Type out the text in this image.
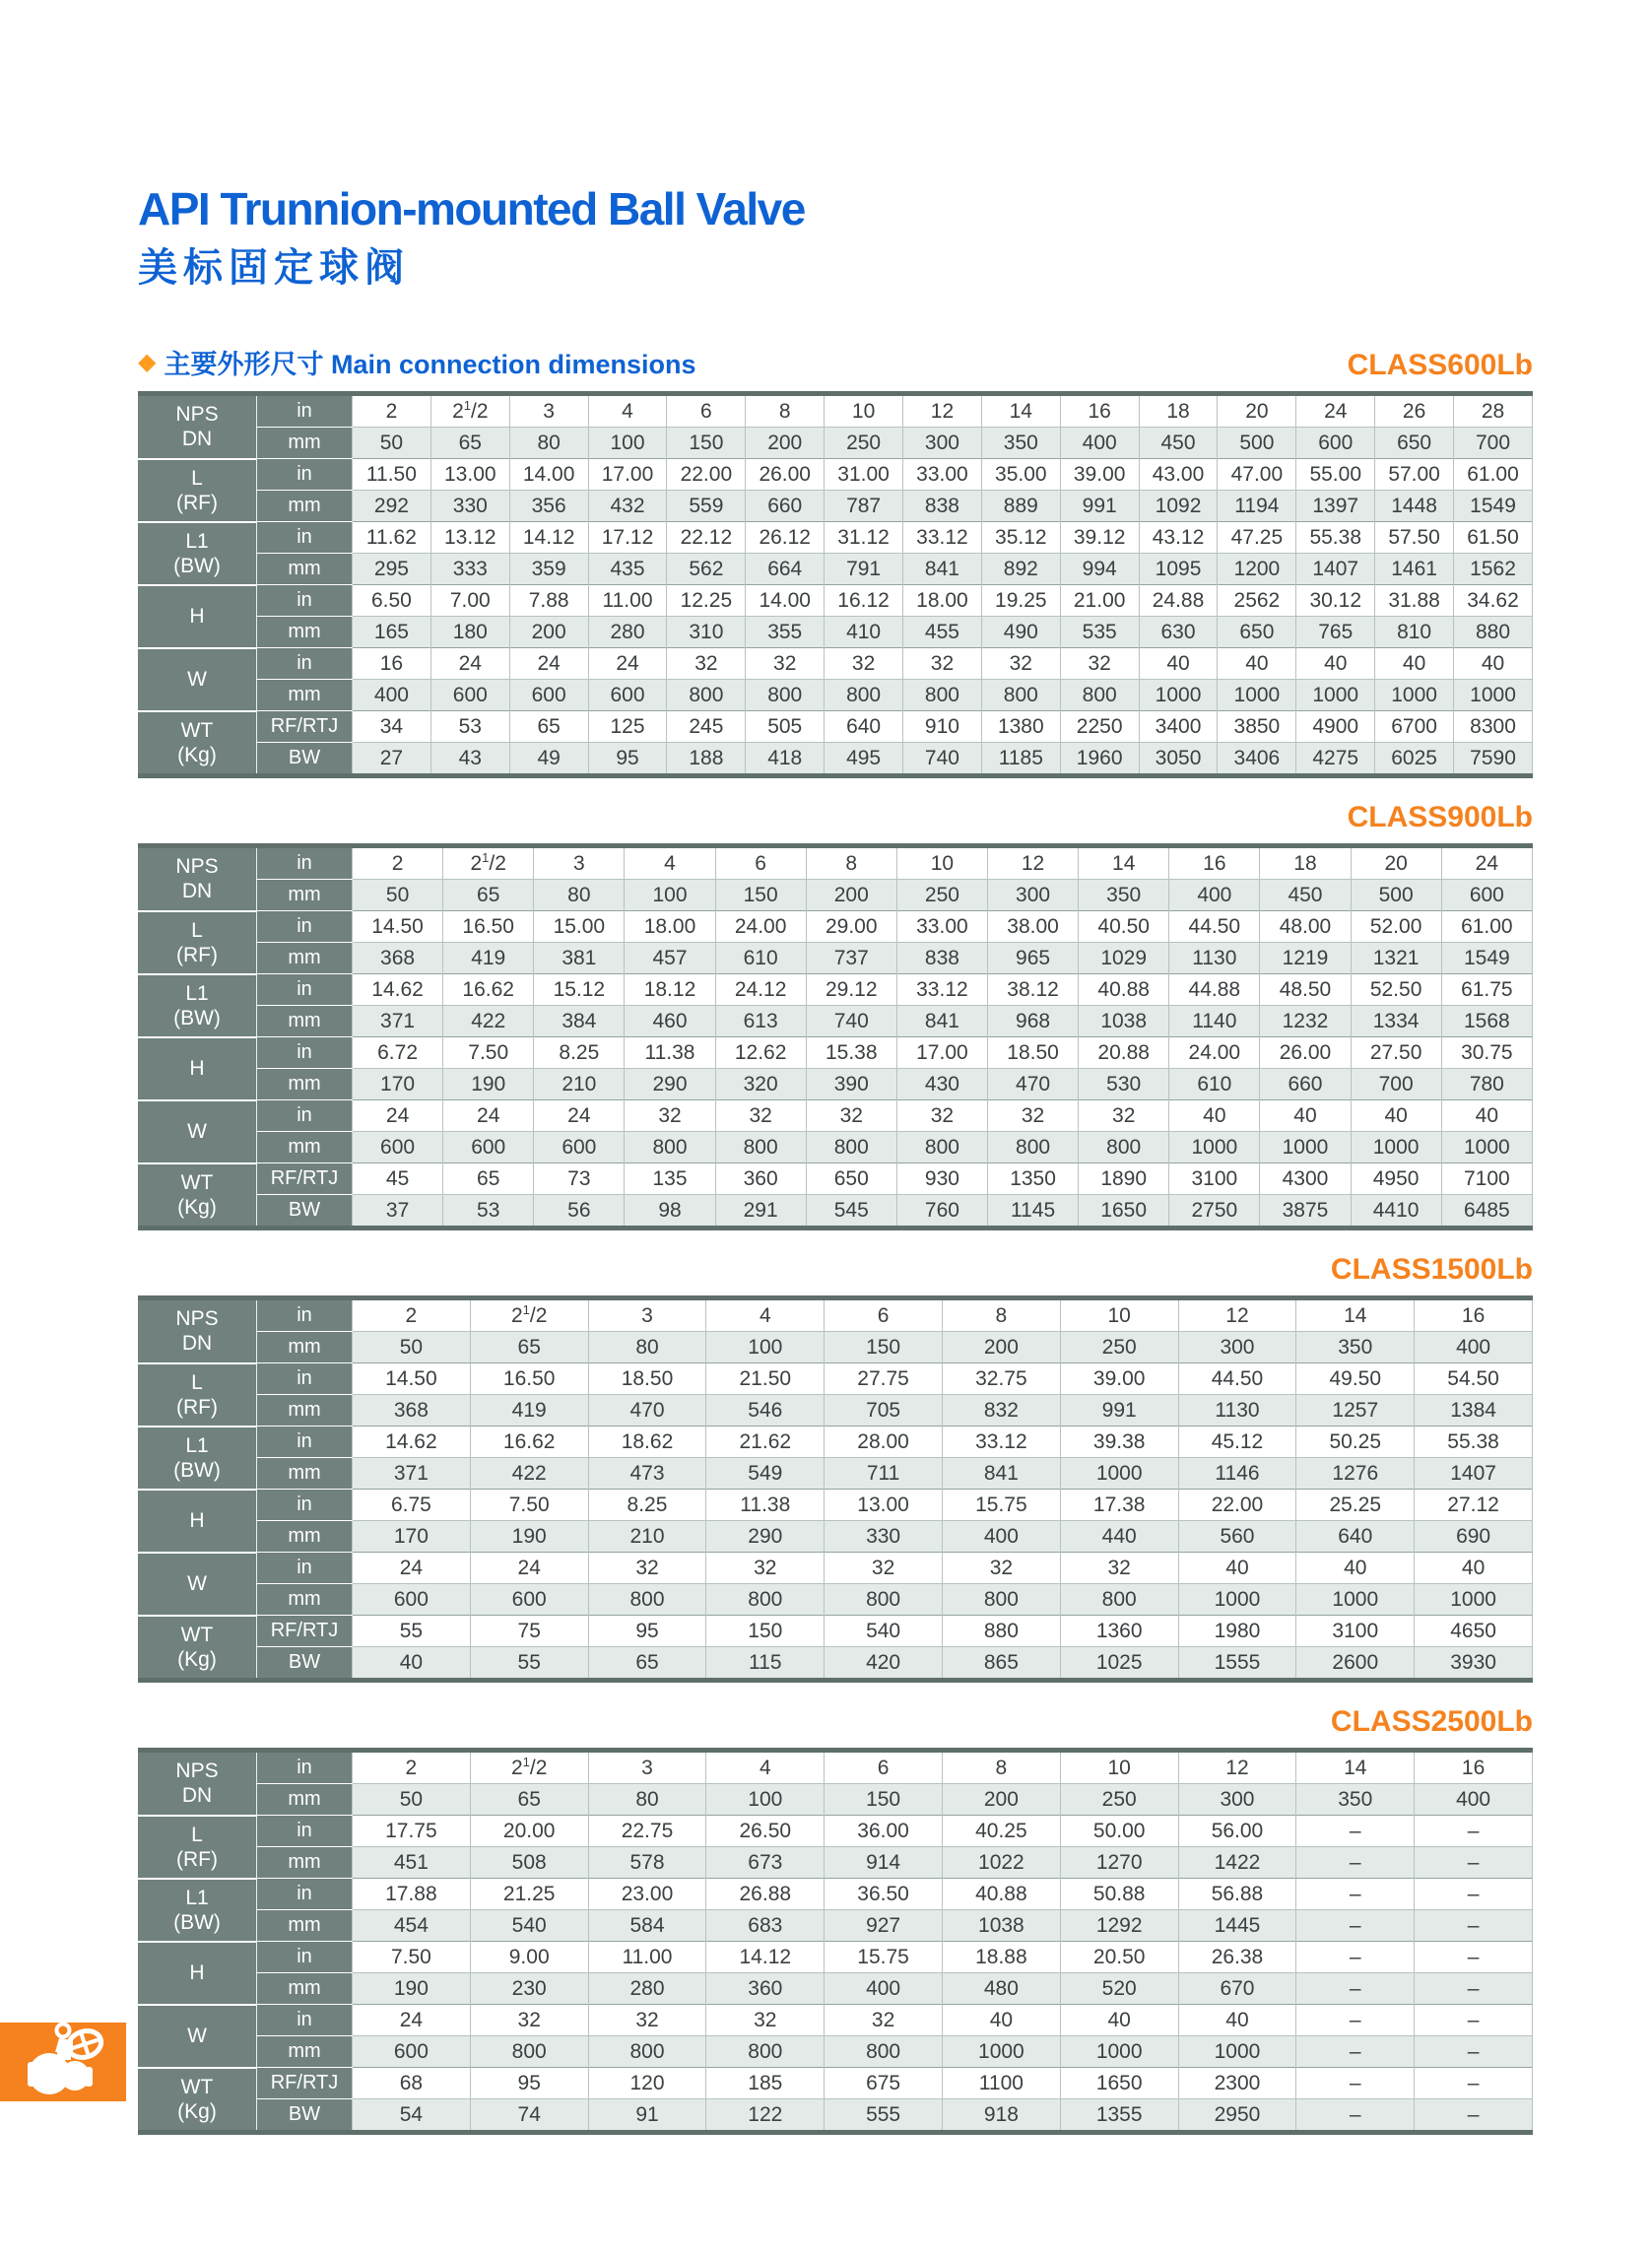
API Trunnion-mounted Ball Valve
美标固定球阀
◆ 主要外形尺寸 Main connection dimensions	CLASS600Lb
NPS
DN	in	2	$2^1/2$	3	4	6	8	10	12	14	16	18	20	24	26	28
	mm	50	65	80	100	150	200	250	300	350	400	450	500	600	650	700

L
(RF)	in	11.50	13.00	14.00	17.00	22.00	26.00	31.00	33.00	35.00	39.00	43.00	47.00	55.00	57.00	61.00
	mm	292	330	356	432	559	660	787	838	889	991	1092	1194	1397	1448	1549

L1
(BW)	in	11.62	13.12	14.12	17.12	22.12	26.12	31.12	33.12	35.12	39.12	43.12	47.25	55.38	57.50	61.50
	mm	295	333	359	435	562	664	791	841	892	994	1095	1200	1407	1461	1562

H	in	6.50	7.00	7.88	11.00	12.25	14.00	16.12	18.00	19.25	21.00	24.88	2562	30.12	31.88	34.62
	mm	165	180	200	280	310	355	410	455	490	535	630	650	765	810	880

W	in	16	24	24	24	32	32	32	32	32	32	40	40	40	40	40
	mm	400	600	600	600	800	800	800	800	800	800	1000	1000	1000	1000	1000

WT
(Kg)	RF/RTJ	34	53	65	125	245	505	640	910	1380	2250	3400	3850	4900	6700	8300
	BW	27	43	49	95	188	418	495	740	1185	1960	3050	3406	4275	6025	7590
CLASS900Lb
NPS
DN	in	2	$2^1/2$	3	4	6	8	10	12	14	16	18	20	24
	mm	50	65	80	100	150	200	250	300	350	400	450	500	600

L
(RF)	in	14.50	16.50	15.00	18.00	24.00	29.00	33.00	38.00	40.50	44.50	48.00	52.00	61.00
	mm	368	419	381	457	610	737	838	965	1029	1130	1219	1321	1549

L1
(BW)	in	14.62	16.62	15.12	18.12	24.12	29.12	33.12	38.12	40.88	44.88	48.50	52.50	61.75
	mm	371	422	384	460	613	740	841	968	1038	1140	1232	1334	1568

H	in	6.72	7.50	8.25	11.38	12.62	15.38	17.00	18.50	20.88	24.00	26.00	27.50	30.75
	mm	170	190	210	290	320	390	430	470	530	610	660	700	780

W	in	24	24	24	32	32	32	32	32	32	40	40	40	40
	mm	600	600	600	800	800	800	800	800	800	1000	1000	1000	1000

WT
(Kg)	RF/RTJ	45	65	73	135	360	650	930	1350	1890	3100	4300	4950	7100
	BW	37	53	56	98	291	545	760	1145	1650	2750	3875	4410	6485
CLASS1500Lb
NPS
DN	in	2	$2^1/2$	3	4	6	8	10	12	14	16
	mm	50	65	80	100	150	200	250	300	350	400

L
(RF)	in	14.50	16.50	18.50	21.50	27.75	32.75	39.00	44.50	49.50	54.50
	mm	368	419	470	546	705	832	991	1130	1257	1384

L1
(BW)	in	14.62	16.62	18.62	21.62	28.00	33.12	39.38	45.12	50.25	55.38
	mm	371	422	473	549	711	841	1000	1146	1276	1407

H	in	6.75	7.50	8.25	11.38	13.00	15.75	17.38	22.00	25.25	27.12
	mm	170	190	210	290	330	400	440	560	640	690

W	in	24	24	32	32	32	32	32	40	40	40
	mm	600	600	800	800	800	800	800	1000	1000	1000

WT
(Kg)	RF/RTJ	55	75	95	150	540	880	1360	1980	3100	4650
	BW	40	55	65	115	420	865	1025	1555	2600	3930
CLASS2500Lb
NPS
DN	in	2	$2^1/2$	3	4	6	8	10	12	14	16
	mm	50	65	80	100	150	200	250	300	350	400

L
(RF)	in	17.75	20.00	22.75	26.50	36.00	40.25	50.00	56.00	–	–
	mm	451	508	578	673	914	1022	1270	1422	–	–

L1
(BW)	in	17.88	21.25	23.00	26.88	36.50	40.88	50.88	56.88	–	–
	mm	454	540	584	683	927	1038	1292	1445	–	–

H	in	7.50	9.00	11.00	14.12	15.75	18.88	20.50	26.38	–	–
	mm	190	230	280	360	400	480	520	670	–	–

W	in	24	32	32	32	32	40	40	40	–	–
	mm	600	800	800	800	800	1000	1000	1000	–	–

WT
(Kg)	RF/RTJ	68	95	120	185	675	1100	1650	2300	–	–
	BW	54	74	91	122	555	918	1355	2950	–	–
